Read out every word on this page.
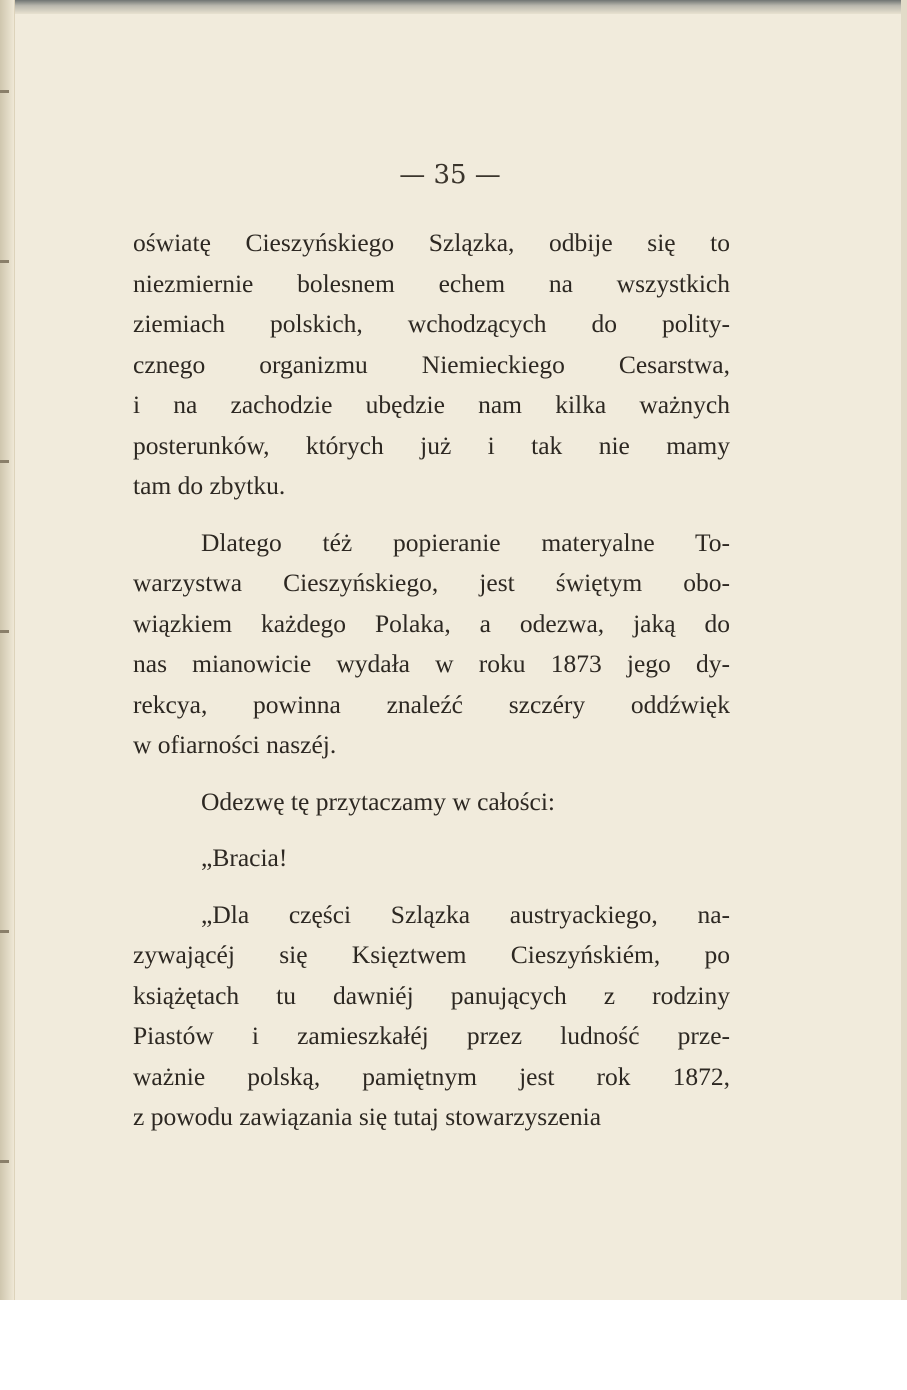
— 35 —

oświatę Cieszyńskiego Szlązka, odbije się to

niezmiernie bolesnem echem na wszystkich

ziemiach polskich, wchodzących do polity-

cznego organizmu Niemieckiego Cesarstwa,

i na zachodzie ubędzie nam kilka ważnych

posterunków, których już i tak nie mamy

tam do zbytku.

Dlatego téż popieranie materyalne To-

warzystwa Cieszyńskiego, jest świętym obo-

wiązkiem każdego Polaka, a odezwa, jaką do

nas mianowicie wydała w roku 1873 jego dy-

rekcya, powinna znaleźć szczéry oddźwięk

w ofiarności naszéj.

Odezwę tę przytaczamy w całości:

„Bracia!

„Dla części Szlązka austryackiego, na-

zywającéj się Księztwem Cieszyńskiém, po

książętach tu dawniéj panujących z rodziny

Piastów i zamieszkałéj przez ludność prze-

ważnie polską, pamiętnym jest rok 1872,

z powodu zawiązania się tutaj stowarzyszenia
